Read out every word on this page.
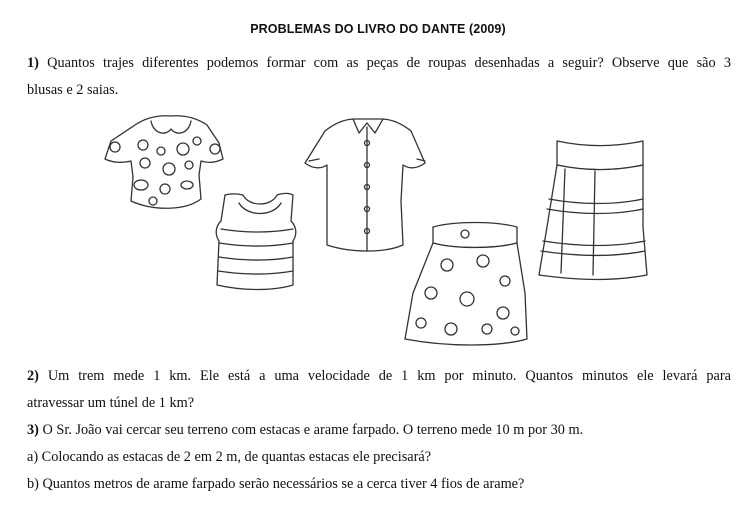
PROBLEMAS DO LIVRO DO DANTE (2009)
1) Quantos trajes diferentes podemos formar com as peças de roupas desenhadas a seguir? Observe que são 3
blusas e 2 saias.
2) Um trem mede 1 km. Ele está a uma velocidade de 1 km por minuto. Quantos minutos ele levará para
atravessar um túnel de 1 km?
3) O Sr. João vai cercar seu terreno com estacas e arame farpado. O terreno mede 10 m por 30 m.
a) Colocando as estacas de 2 em 2 m, de quantas estacas ele precisará?
b) Quantos metros de arame farpado serão necessários se a cerca tiver 4 fios de arame?
